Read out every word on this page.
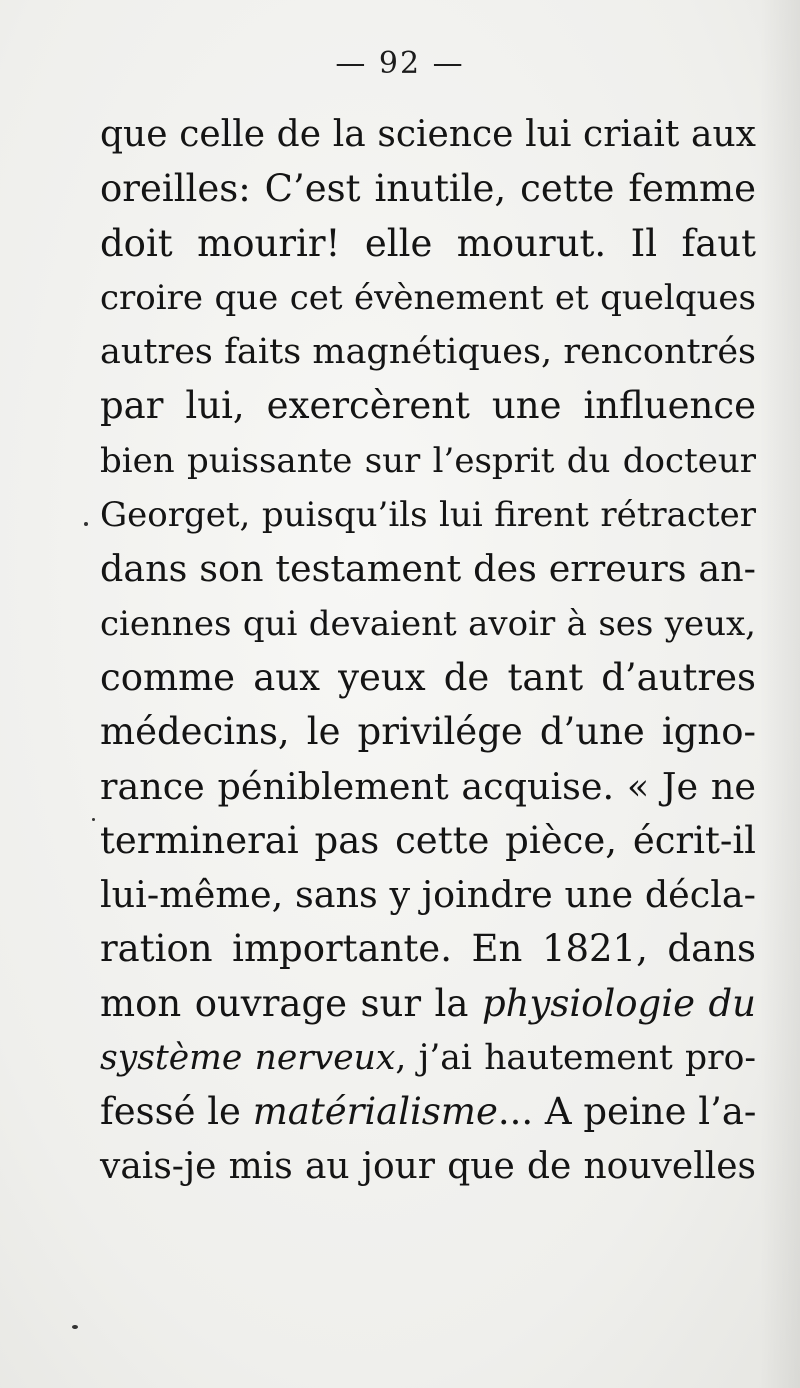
— 92 —
que celle de la science lui criait aux
oreilles: C’est inutile, cette femme
doit mourir! elle mourut. Il faut
croire que cet évènement et quelques
autres faits magnétiques, rencontrés
par lui, exercèrent une influence
bien puissante sur l’esprit du docteur
Georget, puisqu’ils lui firent rétracter
dans son testament des erreurs an-
ciennes qui devaient avoir à ses yeux,
comme aux yeux de tant d’autres
médecins, le privilége d’une igno-
rance péniblement acquise. « Je ne
terminerai pas cette pièce, écrit-il
lui-même, sans y joindre une décla-
ration importante. En 1821, dans
mon ouvrage sur la physiologie du
système nerveux, j’ai hautement pro-
fessé le matérialisme... A peine l’a-
vais-je mis au jour que de nouvelles
